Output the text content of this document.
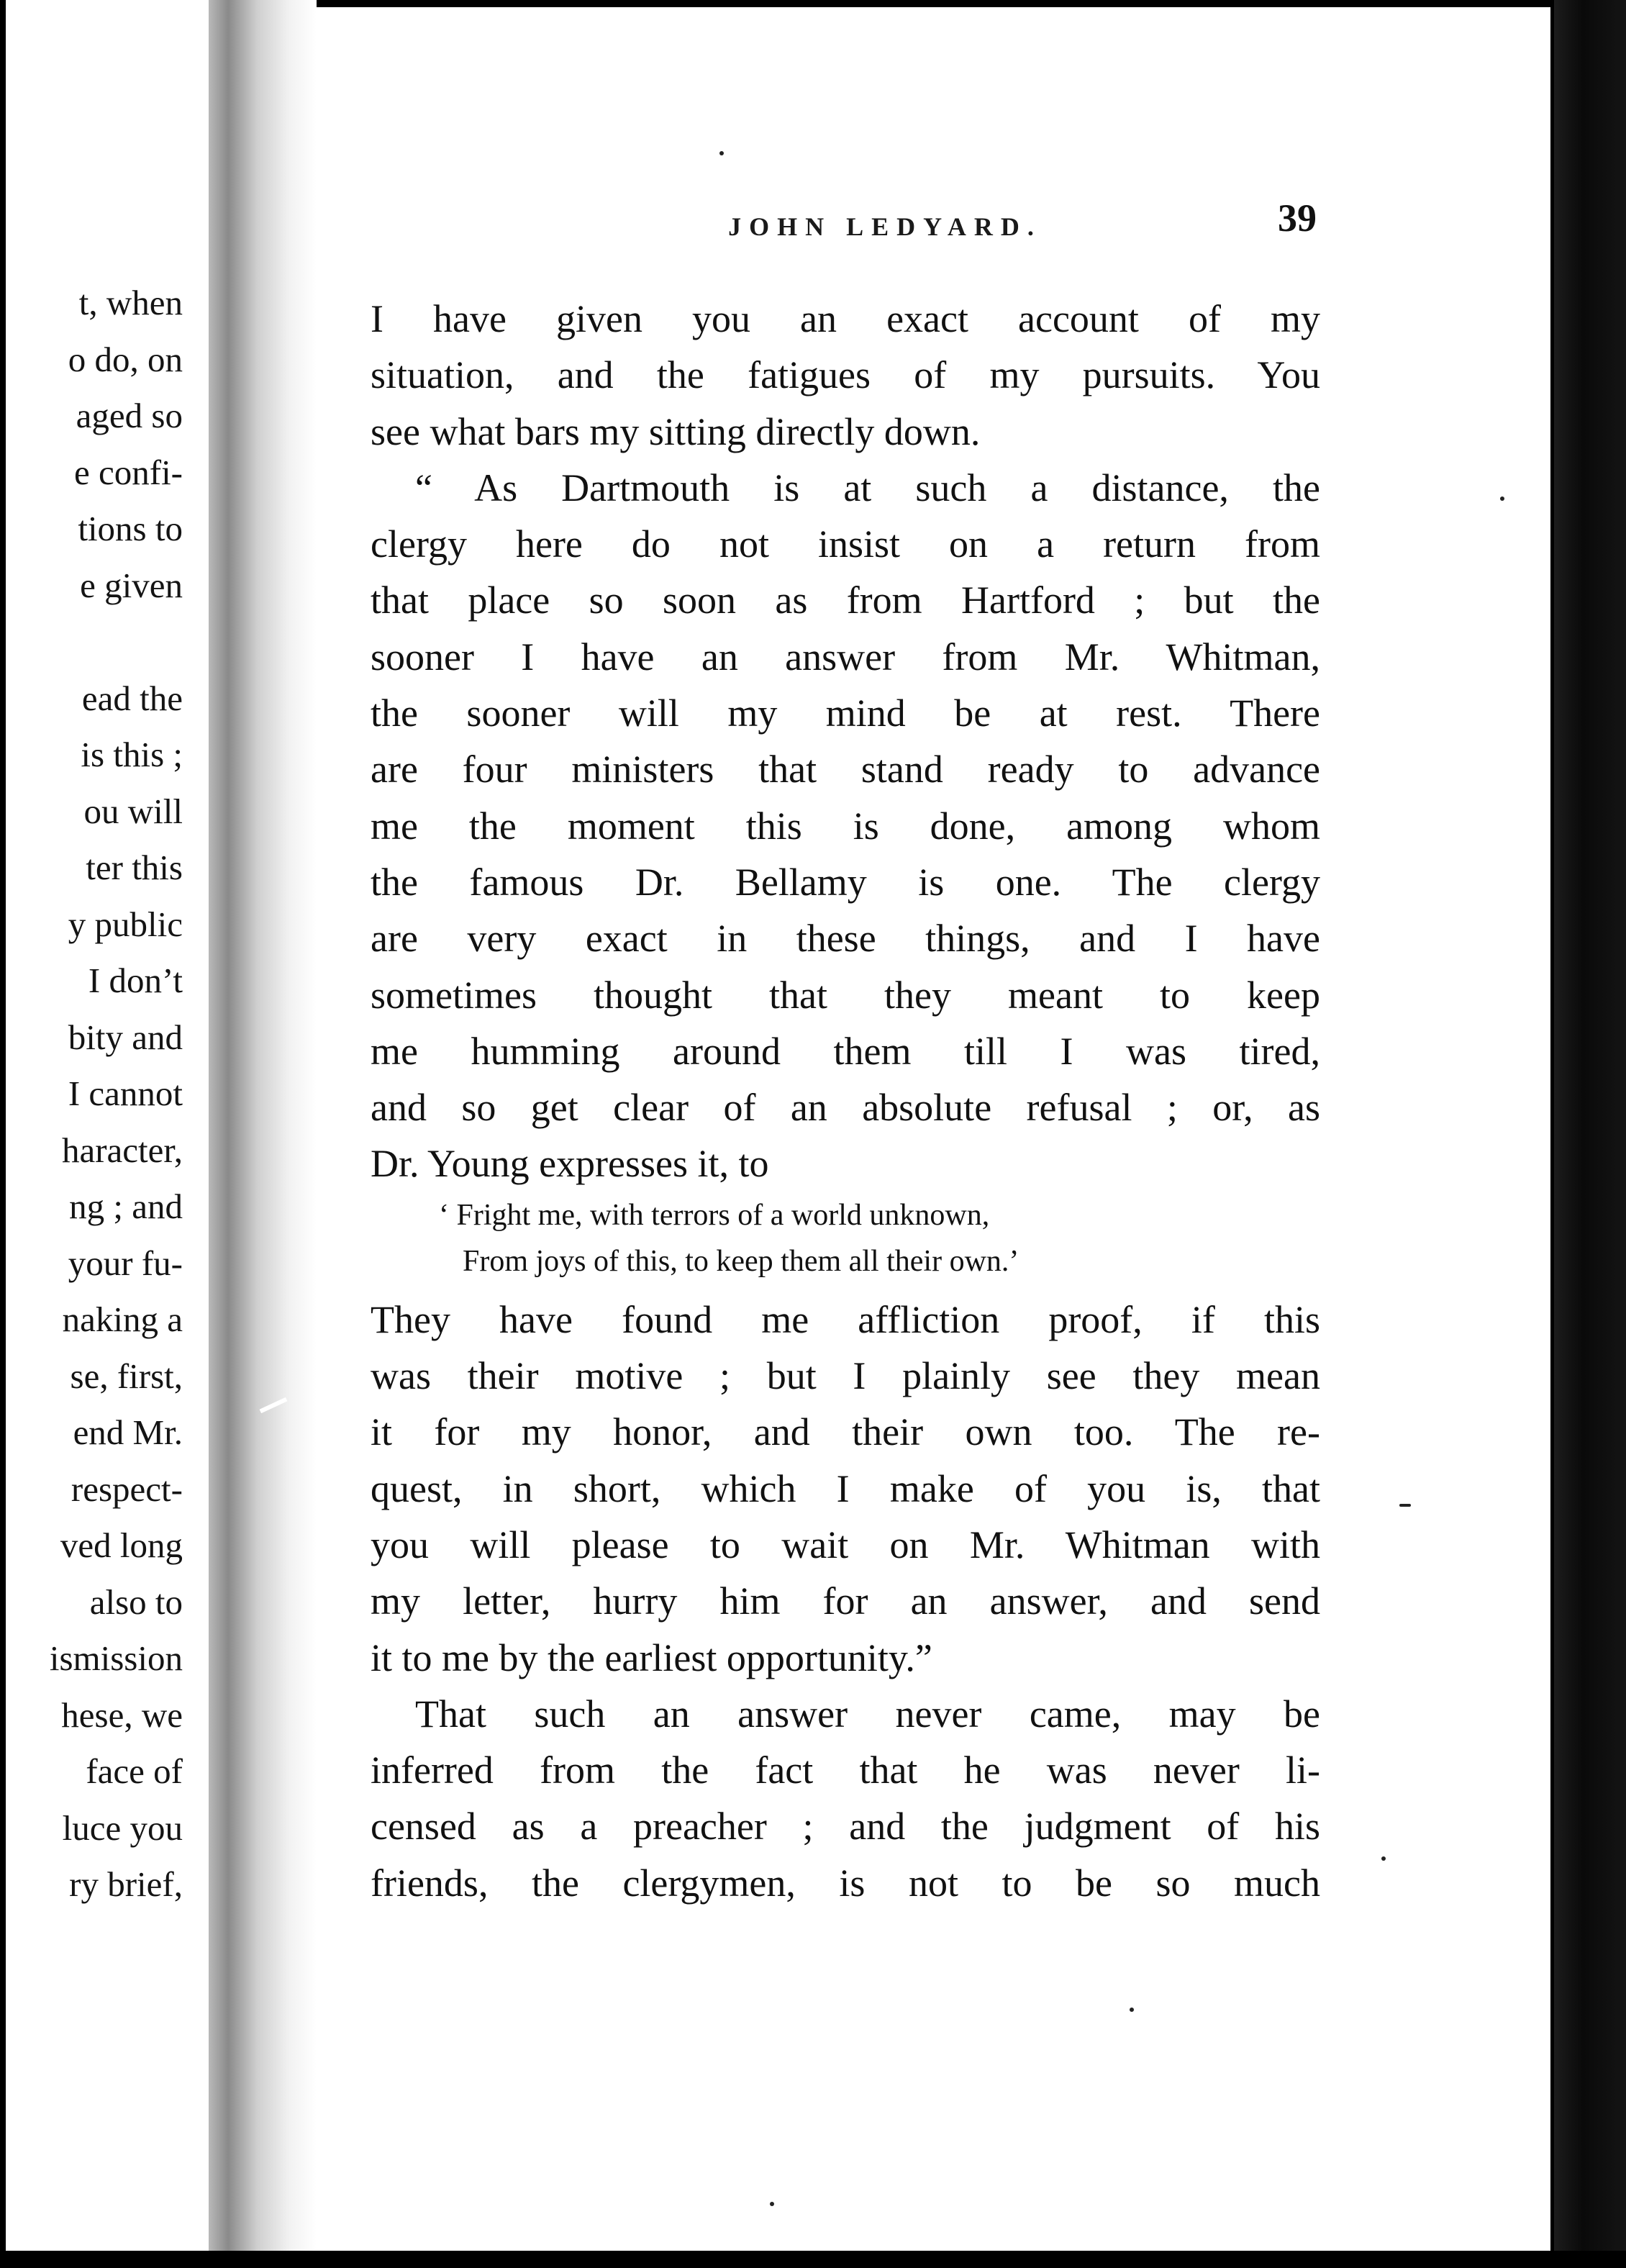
t, when
o do, on
aged so
e confi-
tions to
e given
ead the
is this ;
ou will
ter this
y public
I don’t
bity and
I cannot
haracter,
ng ; and
your fu-
naking a
se, first,
end Mr.
respect-
ved long
also to
ismission
hese, we
face of
luce you
ry brief,
JOHN LEDYARD.	39
I have given you an exact account of my
situation, and the fatigues of my pursuits. You
see what bars my sitting directly down.
“ As Dartmouth is at such a distance, the
clergy here do not insist on a return from
that place so soon as from Hartford ; but the
sooner I have an answer from Mr. Whitman,
the sooner will my mind be at rest. There
are four ministers that stand ready to advance
me the moment this is done, among whom
the famous Dr. Bellamy is one. The clergy
are very exact in these things, and I have
sometimes thought that they meant to keep
me humming around them till I was tired,
and so get clear of an absolute refusal ; or, as
Dr. Young expresses it, to
‘ Fright me, with terrors of a world unknown,
From joys of this, to keep them all their own.’
They have found me affliction proof, if this
was their motive ; but I plainly see they mean
it for my honor, and their own too. The re-
quest, in short, which I make of you is, that
you will please to wait on Mr. Whitman with
my letter, hurry him for an answer, and send
it to me by the earliest opportunity.”
That such an answer never came, may be
inferred from the fact that he was never li-
censed as a preacher ; and the judgment of his
friends, the clergymen, is not to be so much
